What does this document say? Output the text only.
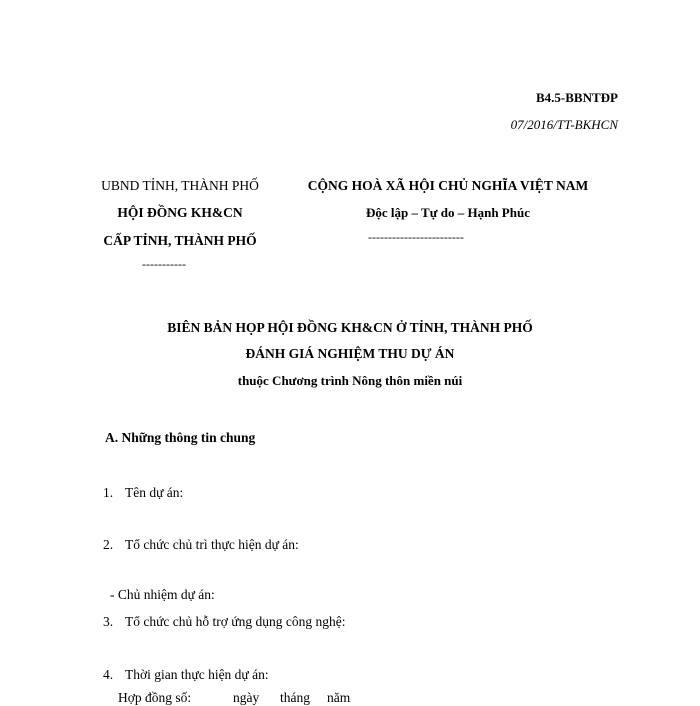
B4.5-BBNTĐP
07/2016/TT-BKHCN
UBND TỈNH, THÀNH PHỐ
HỘI ĐỒNG KH&CN
CẤP TỈNH, THÀNH PHỐ
-----------
CỘNG HOÀ XÃ HỘI CHỦ NGHĨA VIỆT NAM
Độc lập – Tự do – Hạnh Phúc
------------------------
BIÊN BẢN HỌP HỘI ĐỒNG KH&CN Ở TỈNH, THÀNH PHỐ
ĐÁNH GIÁ NGHIỆM THU DỰ ÁN
thuộc Chương trình Nông thôn miền núi
A. Những thông tin chung
1. Tên dự án:
2. Tổ chức chủ trì thực hiện dự án:
- Chủ nhiệm dự án:
3. Tổ chức chủ hỗ trợ ứng dụng công nghệ:
4. Thời gian thực hiện dự án:
Hợp đồng số:	ngày tháng năm
